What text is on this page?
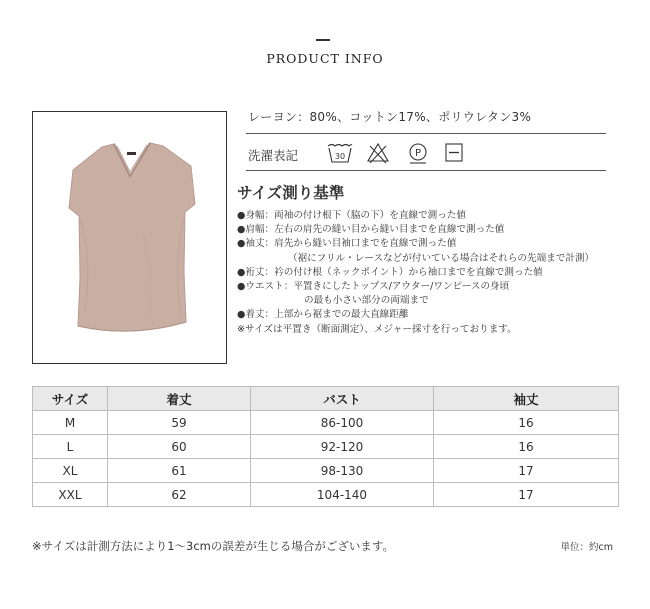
PRODUCT INFO
レーヨン：80%、コットン17%、ポリウレタン3%
洗濯表記	30	P
サイズ測り基準
●身幅：両袖の付け根下（脇の下）を直線で測った値
●肩幅：左右の肩先の縫い目から縫い目までを直線で測った値
●袖丈：肩先から縫い目袖口までを直線で測った値
（裾にフリル・レースなどが付いている場合はそれらの先端まで計測）
●裄丈：衿の付け根（ネックポイント）から袖口までを直線で測った値
●ウエスト：平置きにしたトップス/アウター/ワンピースの身頃
の最も小さい部分の両端まで
●着丈：上部から裾までの最大直線距離
※サイズは平置き（断面測定）、メジャー採寸を行っております。
サイズ	着丈	バスト	袖丈
M	59	86-100	16
L	60	92-120	16
XL	61	98-130	17
XXL	62	104-140	17
※サイズは計測方法により1〜3cmの誤差が生じる場合がございます。	単位：約cm
